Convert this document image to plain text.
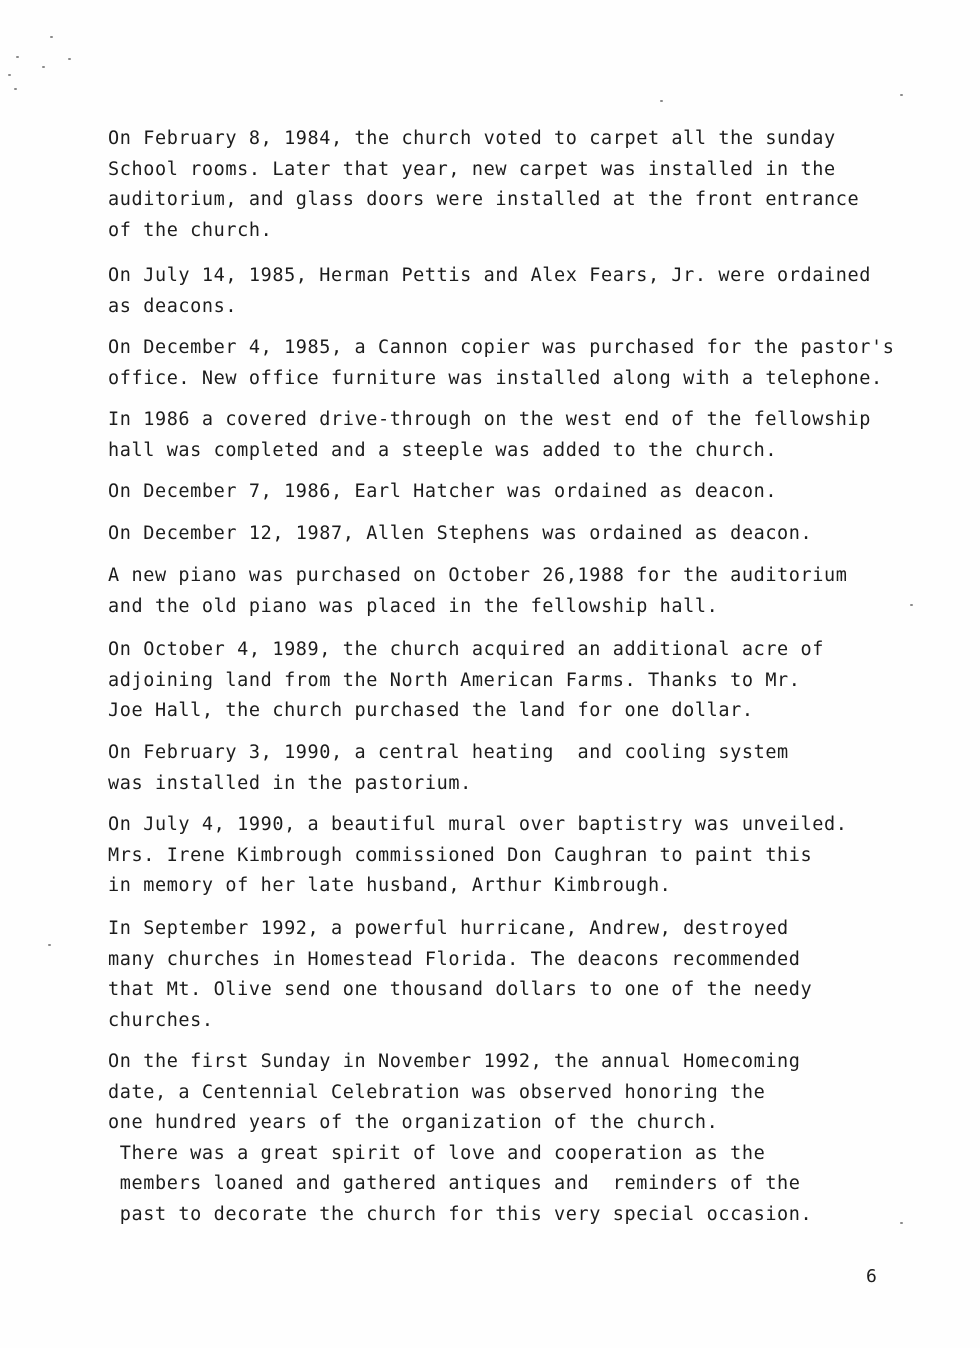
On February 8, 1984, the church voted to carpet all the sunday
School rooms. Later that year, new carpet was installed in the
auditorium, and glass doors were installed at the front entrance
of the church.

On July 14, 1985, Herman Pettis and Alex Fears, Jr. were ordained
as deacons.

On December 4, 1985, a Cannon copier was purchased for the pastor's
office. New office furniture was installed along with a telephone.

In 1986 a covered drive-through on the west end of the fellowship
hall was completed and a steeple was added to the church.

On December 7, 1986, Earl Hatcher was ordained as deacon.

On December 12, 1987, Allen Stephens was ordained as deacon.

A new piano was purchased on October 26,1988 for the auditorium
and the old piano was placed in the fellowship hall.

On October 4, 1989, the church acquired an additional acre of
adjoining land from the North American Farms. Thanks to Mr.
Joe Hall, the church purchased the land for one dollar.

On February 3, 1990, a central heating  and cooling system
was installed in the pastorium.

On July 4, 1990, a beautiful mural over baptistry was unveiled.
Mrs. Irene Kimbrough commissioned Don Caughran to paint this
in memory of her late husband, Arthur Kimbrough.

In September 1992, a powerful hurricane, Andrew, destroyed
many churches in Homestead Florida. The deacons recommended
that Mt. Olive send one thousand dollars to one of the needy
churches.

On the first Sunday in November 1992, the annual Homecoming
date, a Centennial Celebration was observed honoring the
one hundred years of the organization of the church.
There was a great spirit of love and cooperation as the
members loaned and gathered antiques and  reminders of the
past to decorate the church for this very special occasion.

6
